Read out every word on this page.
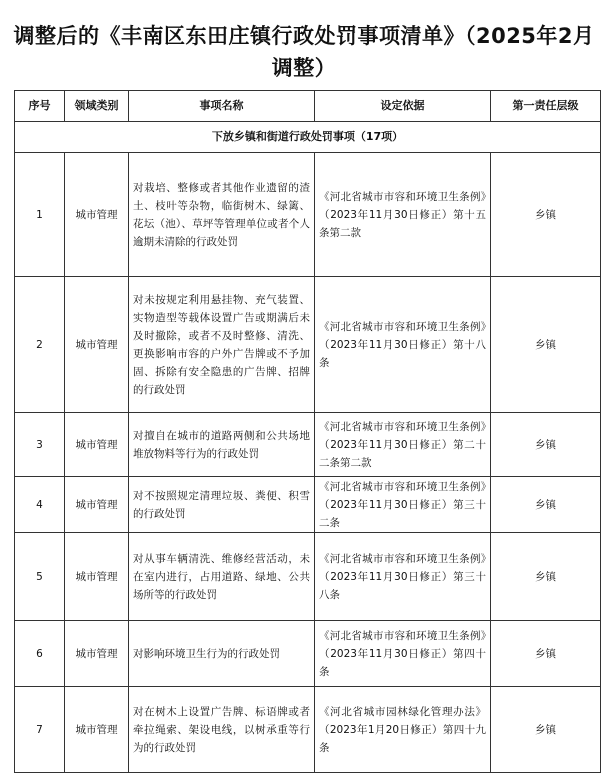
调整后的《丰南区东田庄镇行政处罚事项清单》（2025年2月调整）
序号	领域类别	事项名称	设定依据	第一责任层级
下放乡镇和街道行政处罚事项（17项）				
1	城市管理	对栽培、整修或者其他作业遗留的渣土、枝叶等杂物，临街树木、绿篱、花坛（池）、草坪等管理单位或者个人逾期未清除的行政处罚	《河北省城市市容和环境卫生条例》（2023年11月30日修正）第十五条第二款	乡镇
2	城市管理	对未按规定利用悬挂物、充气装置、实物造型等载体设置广告或期满后未及时撤除，或者不及时整修、清洗、更换影响市容的户外广告牌或不予加固、拆除有安全隐患的广告牌、招牌的行政处罚	《河北省城市市容和环境卫生条例》（2023年11月30日修正）第十八条	乡镇
3	城市管理	对擅自在城市的道路两侧和公共场地堆放物料等行为的行政处罚	《河北省城市市容和环境卫生条例》（2023年11月30日修正）第二十二条第二款	乡镇
4	城市管理	对不按照规定清理垃圾、粪便、积雪的行政处罚	《河北省城市市容和环境卫生条例》（2023年11月30日修正）第三十二条	乡镇
5	城市管理	对从事车辆清洗、维修经营活动，未在室内进行，占用道路、绿地、公共场所等的行政处罚	《河北省城市市容和环境卫生条例》（2023年11月30日修正）第三十八条	乡镇
6	城市管理	对影响环境卫生行为的行政处罚	《河北省城市市容和环境卫生条例》（2023年11月30日修正）第四十条	乡镇
7	城市管理	对在树木上设置广告牌、标语牌或者牵拉绳索、架设电线，以树承重等行为的行政处罚	《河北省城市园林绿化管理办法》（2023年1月20日修正）第四十九条	乡镇
